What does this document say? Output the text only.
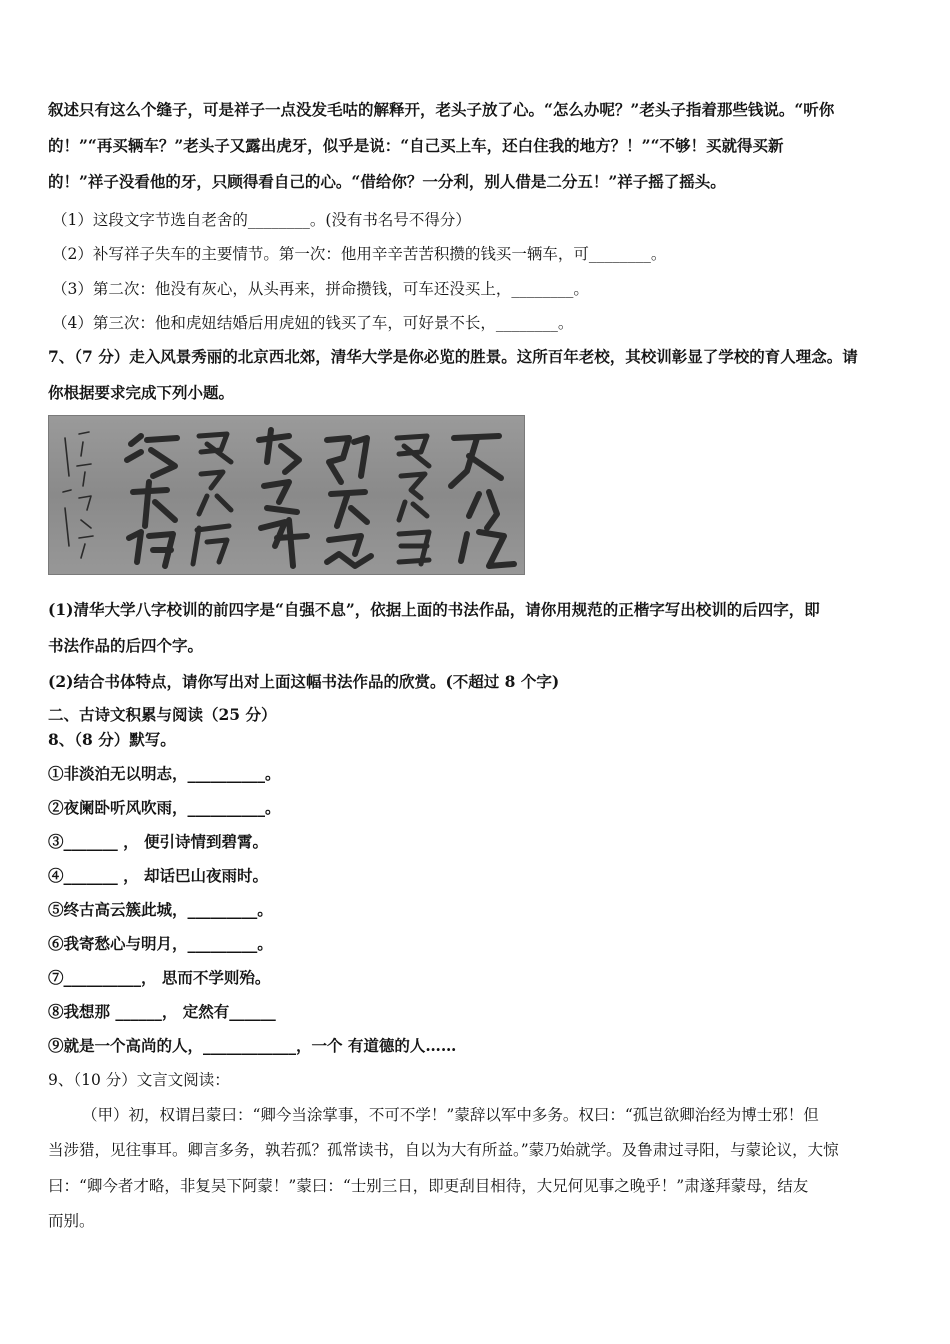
叙述只有这么个缝子，可是祥子一点没发毛咕的解释开，老头子放了心。“怎么办呢？”老头子指着那些钱说。“听你
的！”“再买辆车？”老头子又露出虎牙，似乎是说：“自己买上车，还白住我的地方？！”“不够！买就得买新
的！”祥子没看他的牙，只顾得看自己的心。“借给你？一分利，别人借是二分五！”祥子摇了摇头。
（1）这段文字节选自老舍的________。(没有书名号不得分）
（2）补写祥子失车的主要情节。第一次：他用辛辛苦苦积攒的钱买一辆车，可________。
（3）第二次：他没有灰心，从头再来，拼命攒钱，可车还没买上，________。
（4）第三次：他和虎妞结婚后用虎妞的钱买了车，可好景不长，________。
7、（7 分）走入风景秀丽的北京西北郊，清华大学是你必览的胜景。这所百年老校，其校训彰显了学校的育人理念。请
你根据要求完成下列小题。
(1)清华大学八字校训的前四字是“自强不息”，依据上面的书法作品，请你用规范的正楷字写出校训的后四字，即
书法作品的后四个字。
(2)结合书体特点，请你写出对上面这幅书法作品的欣赏。(不超过 8 个字)
二、古诗文积累与阅读（25 分）
8、（8 分）默写。
①非淡泊无以明志，__________。
②夜阑卧听风吹雨，__________。
③_______ ， 便引诗情到碧霄。
④_______ ， 却话巴山夜雨时。
⑤终古高云簇此城，_________。
⑥我寄愁心与明月，_________。
⑦__________， 思而不学则殆。
⑧我想那 ______， 定然有______
⑨就是一个高尚的人，____________，一个 有道德的人……
9、（10 分）文言文阅读：
（甲）初，权谓吕蒙曰：“卿今当涂掌事，不可不学！”蒙辞以军中多务。权曰：“孤岂欲卿治经为博士邪！但
当涉猎，见往事耳。卿言多务，孰若孤？孤常读书，自以为大有所益。”蒙乃始就学。及鲁肃过寻阳，与蒙论议，大惊
曰：“卿今者才略，非复吴下阿蒙！”蒙曰：“士别三日，即更刮目相待，大兄何见事之晚乎！”肃遂拜蒙母，结友
而别。
